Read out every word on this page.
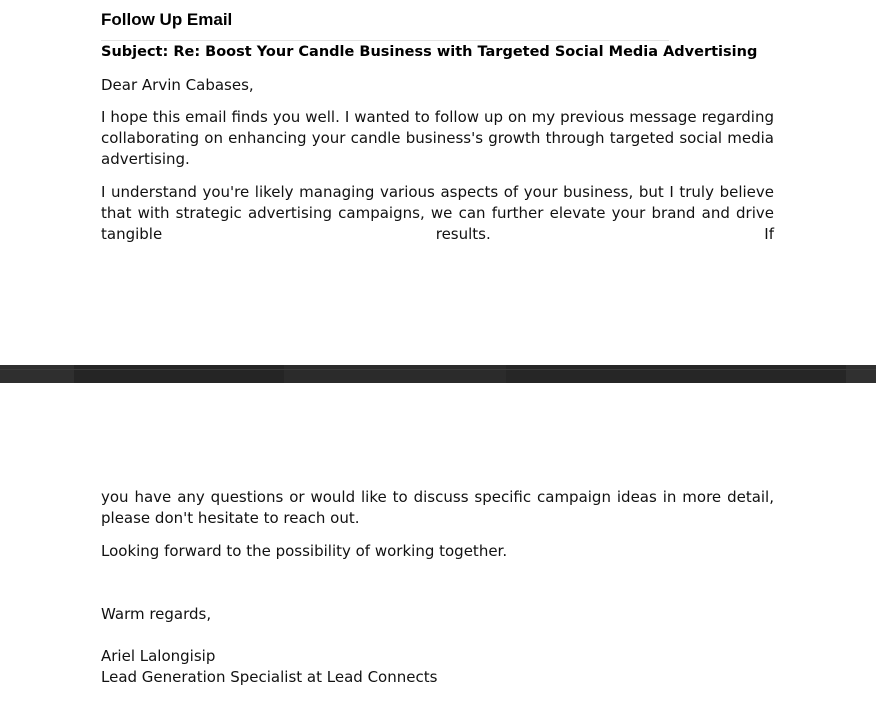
Follow Up Email
Subject: Re: Boost Your Candle Business with Targeted Social Media Advertising

Dear Arvin Cabases,

I hope this email finds you well. I wanted to follow up on my previous message regarding collaborating on enhancing your candle business's growth through targeted social media advertising.

I understand you're likely managing various aspects of your business, but I truly believe that with strategic advertising campaigns, we can further elevate your brand and drive tangible results. If

you have any questions or would like to discuss specific campaign ideas in more detail, please don't hesitate to reach out.

Looking forward to the possibility of working together.

Warm regards,

Ariel Lalongisip

Lead Generation Specialist at Lead Connects
